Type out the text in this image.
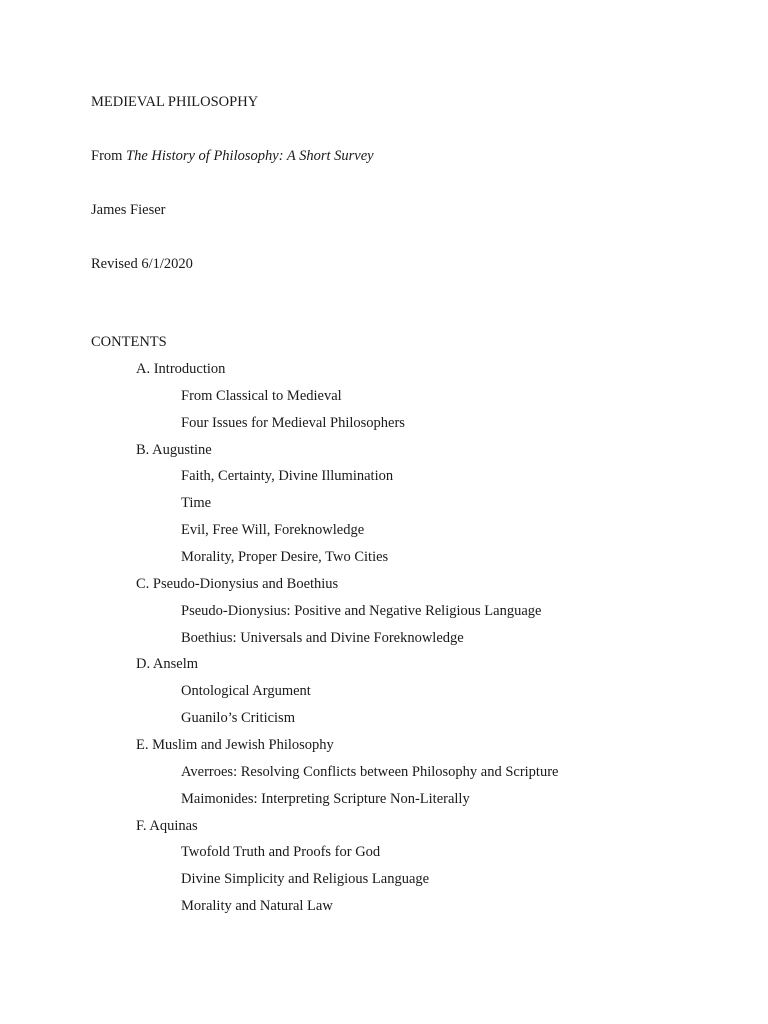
MEDIEVAL PHILOSOPHY
From The History of Philosophy: A Short Survey
James Fieser
Revised 6/1/2020
CONTENTS
A. Introduction
From Classical to Medieval
Four Issues for Medieval Philosophers
B. Augustine
Faith, Certainty, Divine Illumination
Time
Evil, Free Will, Foreknowledge
Morality, Proper Desire, Two Cities
C. Pseudo-Dionysius and Boethius
Pseudo-Dionysius: Positive and Negative Religious Language
Boethius: Universals and Divine Foreknowledge
D. Anselm
Ontological Argument
Guanilo’s Criticism
E. Muslim and Jewish Philosophy
Averroes: Resolving Conflicts between Philosophy and Scripture
Maimonides: Interpreting Scripture Non-Literally
F. Aquinas
Twofold Truth and Proofs for God
Divine Simplicity and Religious Language
Morality and Natural Law
